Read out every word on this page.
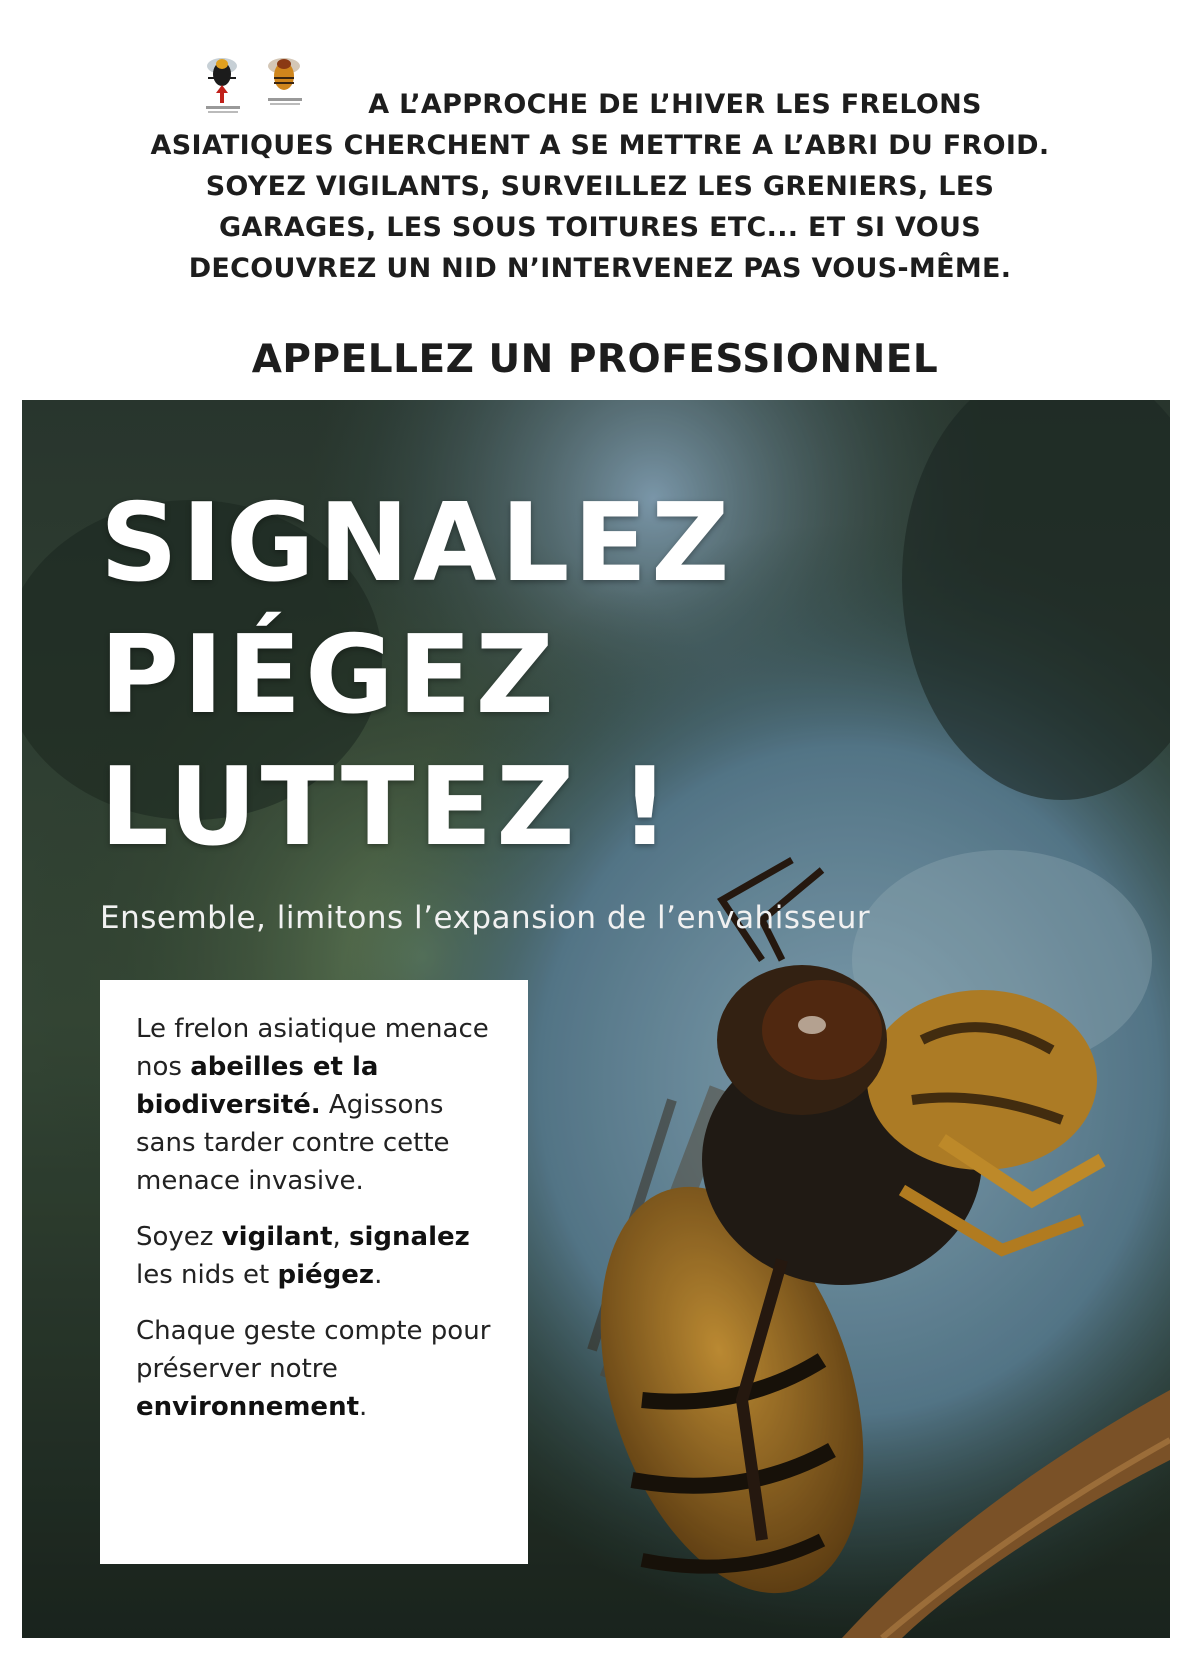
A L’APPROCHE DE L’HIVER LES FRELONS ASIATIQUES CHERCHENT A SE METTRE A L’ABRI DU FROID. SOYEZ VIGILANTS, SURVEILLEZ LES GRENIERS, LES GARAGES, LES SOUS TOITURES ETC... ET SI VOUS DECOUVREZ UN NID N’INTERVENEZ PAS VOUS-MÊME.

APPELLEZ UN PROFESSIONNEL
SIGNALEZ
PIÉGEZ
LUTTEZ !
Ensemble, limitons l’expansion de l’envahisseur

Le frelon asiatique menace nos abeilles et la biodiversité. Agissons sans tarder contre cette menace invasive.

Soyez vigilant, signalez les nids et piégez.

Chaque geste compte pour préserver notre environnement.
